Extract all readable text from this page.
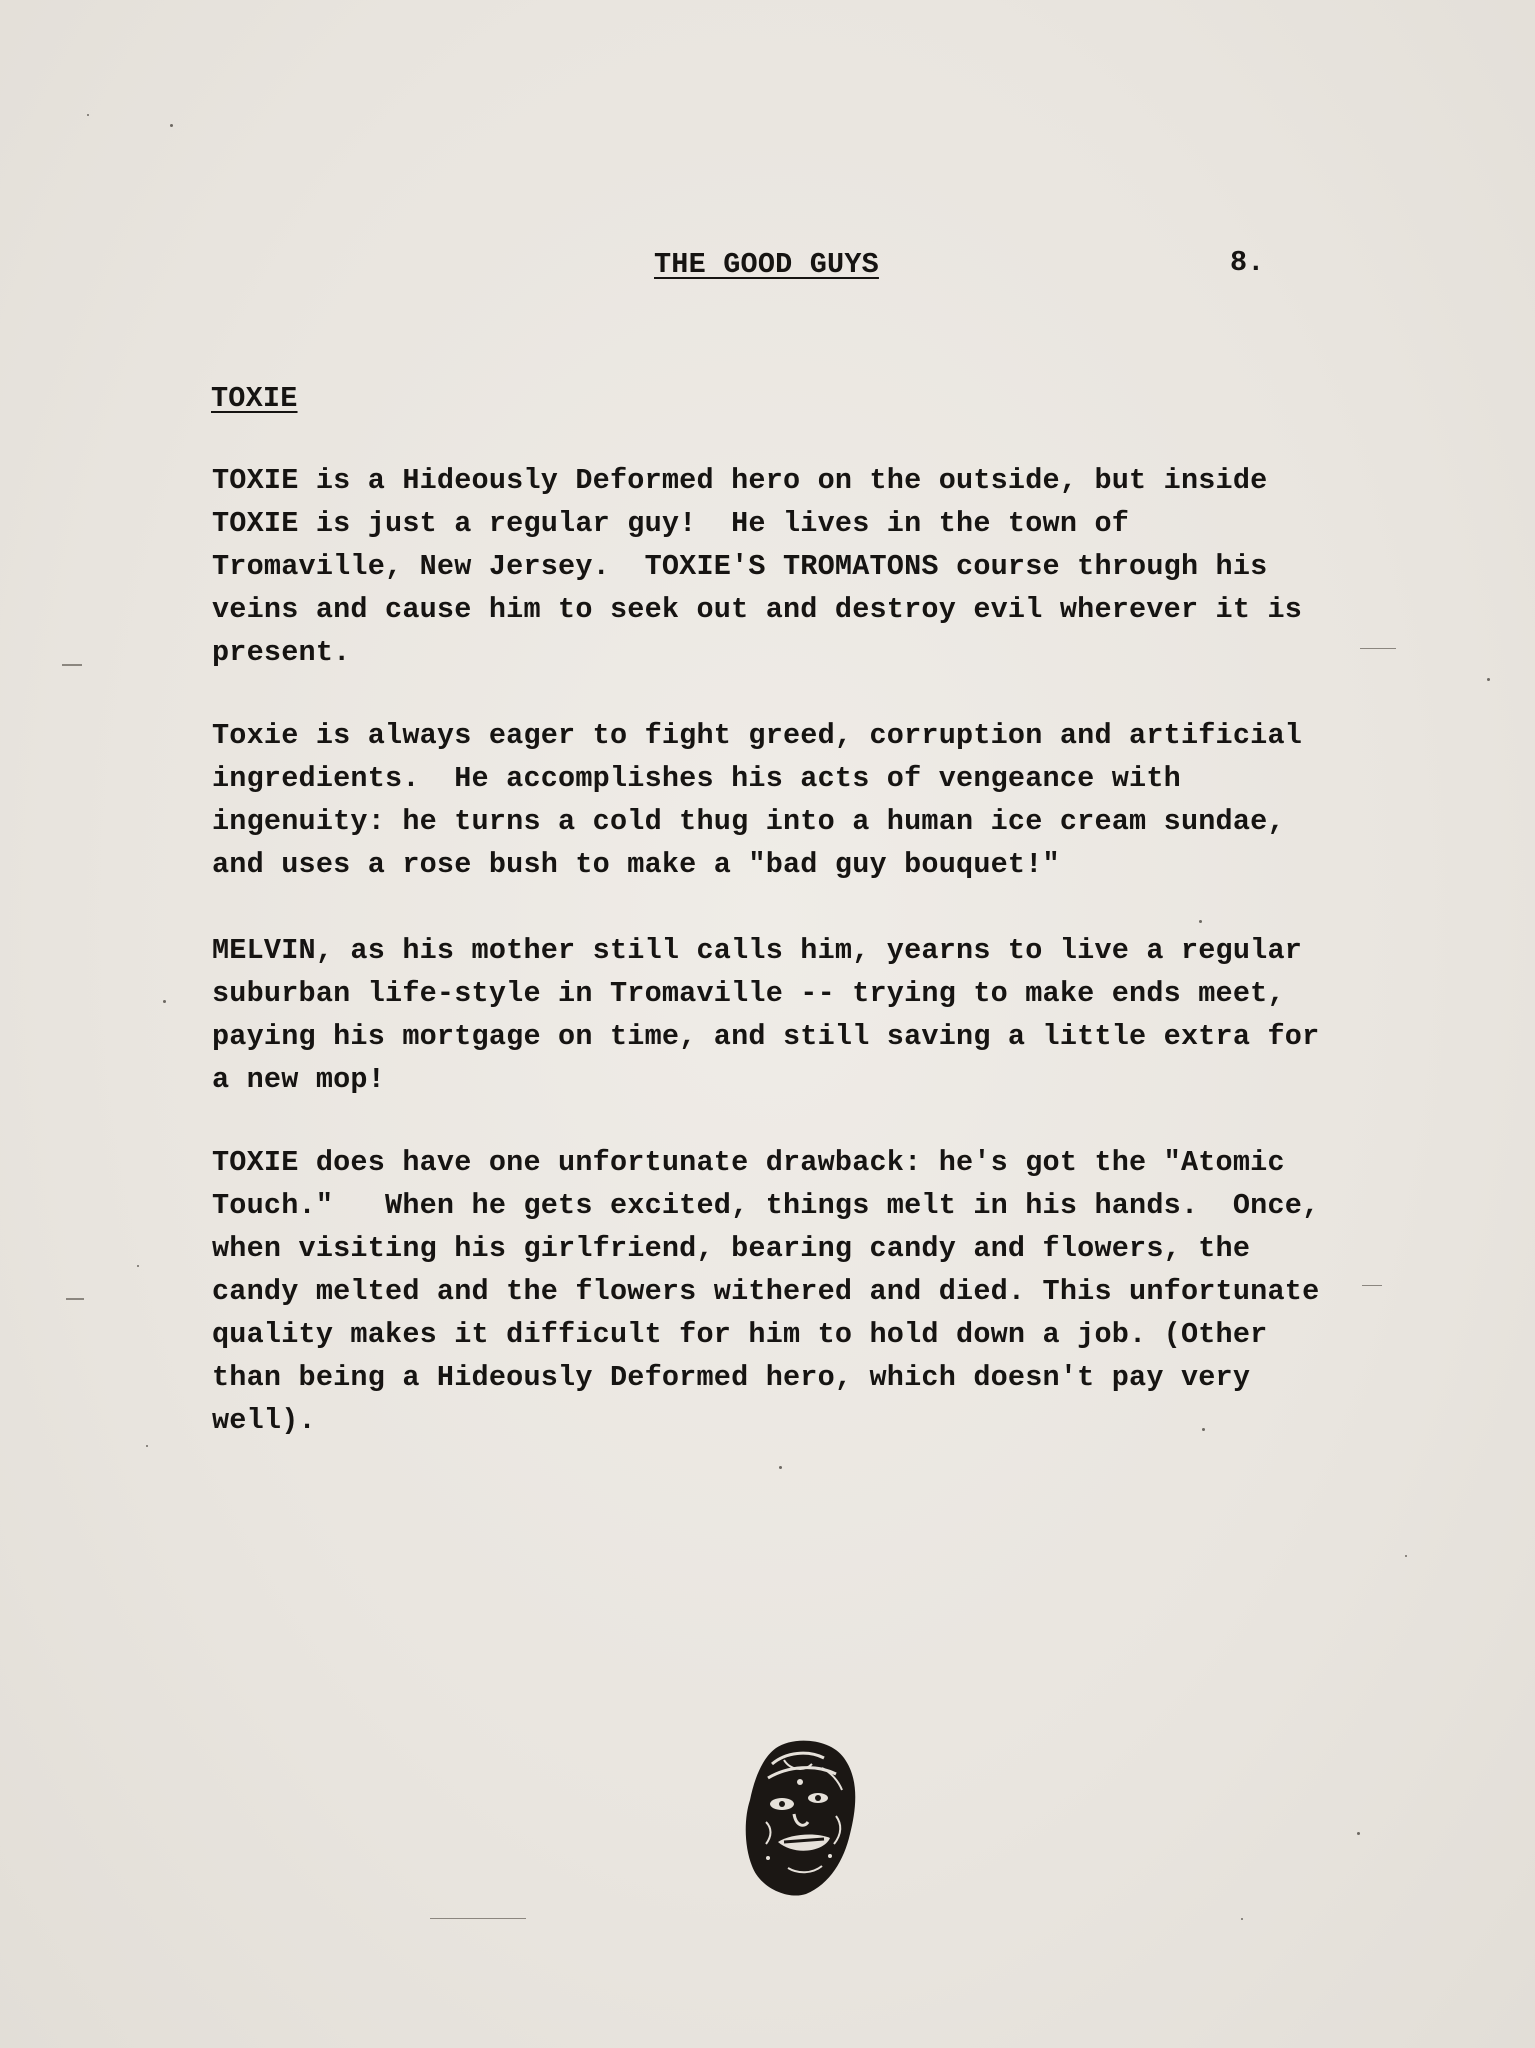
THE GOOD GUYS	8.
TOXIE
TOXIE is a Hideously Deformed hero on the outside, but inside
TOXIE is just a regular guy!  He lives in the town of
Tromaville, New Jersey.  TOXIE'S TROMATONS course through his
veins and cause him to seek out and destroy evil wherever it is
present.
Toxie is always eager to fight greed, corruption and artificial
ingredients.  He accomplishes his acts of vengeance with
ingenuity: he turns a cold thug into a human ice cream sundae,
and uses a rose bush to make a "bad guy bouquet!"
MELVIN, as his mother still calls him, yearns to live a regular
suburban life-style in Tromaville -- trying to make ends meet,
paying his mortgage on time, and still saving a little extra for
a new mop!
TOXIE does have one unfortunate drawback: he's got the "Atomic
Touch."   When he gets excited, things melt in his hands.  Once,
when visiting his girlfriend, bearing candy and flowers, the
candy melted and the flowers withered and died. This unfortunate
quality makes it difficult for him to hold down a job. (Other
than being a Hideously Deformed hero, which doesn't pay very
well).
